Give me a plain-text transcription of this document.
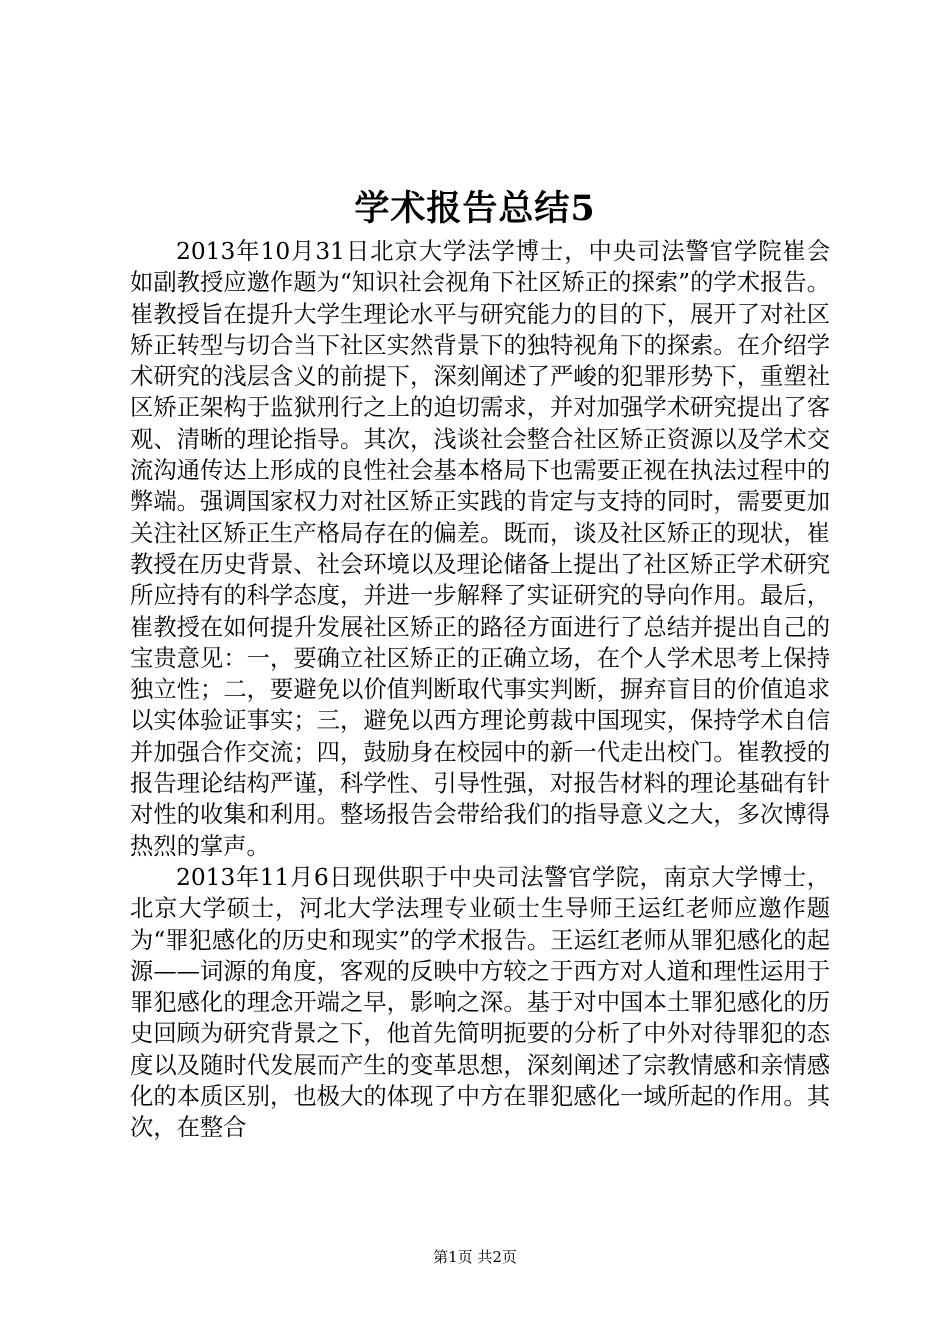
学术报告总结5

2013年10月31日北京大学法学博士，中央司法警官学院崔会如副教授应邀作题为“知识社会视角下社区矫正的探索”的学术报告。崔教授旨在提升大学生理论水平与研究能力的目的下，展开了对社区矫正转型与切合当下社区实然背景下的独特视角下的探索。在介绍学术研究的浅层含义的前提下，深刻阐述了严峻的犯罪形势下，重塑社区矫正架构于监狱刑行之上的迫切需求，并对加强学术研究提出了客观、清晰的理论指导。其次，浅谈社会整合社区矫正资源以及学术交流沟通传达上形成的良性社会基本格局下也需要正视在执法过程中的弊端。强调国家权力对社区矫正实践的肯定与支持的同时，需要更加关注社区矫正生产格局存在的偏差。既而，谈及社区矫正的现状，崔教授在历史背景、社会环境以及理论储备上提出了社区矫正学术研究所应持有的科学态度，并进一步解释了实证研究的导向作用。最后，崔教授在如何提升发展社区矫正的路径方面进行了总结并提出自己的宝贵意见：一，要确立社区矫正的正确立场，在个人学术思考上保持独立性；二，要避免以价值判断取代事实判断，摒弃盲目的价值追求以实体验证事实；三，避免以西方理论剪裁中国现实，保持学术自信并加强合作交流；四，鼓励身在校园中的新一代走出校门。崔教授的报告理论结构严谨，科学性、引导性强，对报告材料的理论基础有针对性的收集和利用。整场报告会带给我们的指导意义之大，多次博得热烈的掌声。

2013年11月6日现供职于中央司法警官学院，南京大学博士，北京大学硕士，河北大学法理专业硕士生导师王运红老师应邀作题为“罪犯感化的历史和现实”的学术报告。王运红老师从罪犯感化的起源——词源的角度，客观的反映中方较之于西方对人道和理性运用于罪犯感化的理念开端之早，影响之深。基于对中国本土罪犯感化的历史回顾为研究背景之下，他首先简明扼要的分析了中外对待罪犯的态度以及随时代发展而产生的变革思想，深刻阐述了宗教情感和亲情感化的本质区别，也极大的体现了中方在罪犯感化一域所起的作用。其次，在整合

第1页 共2页
